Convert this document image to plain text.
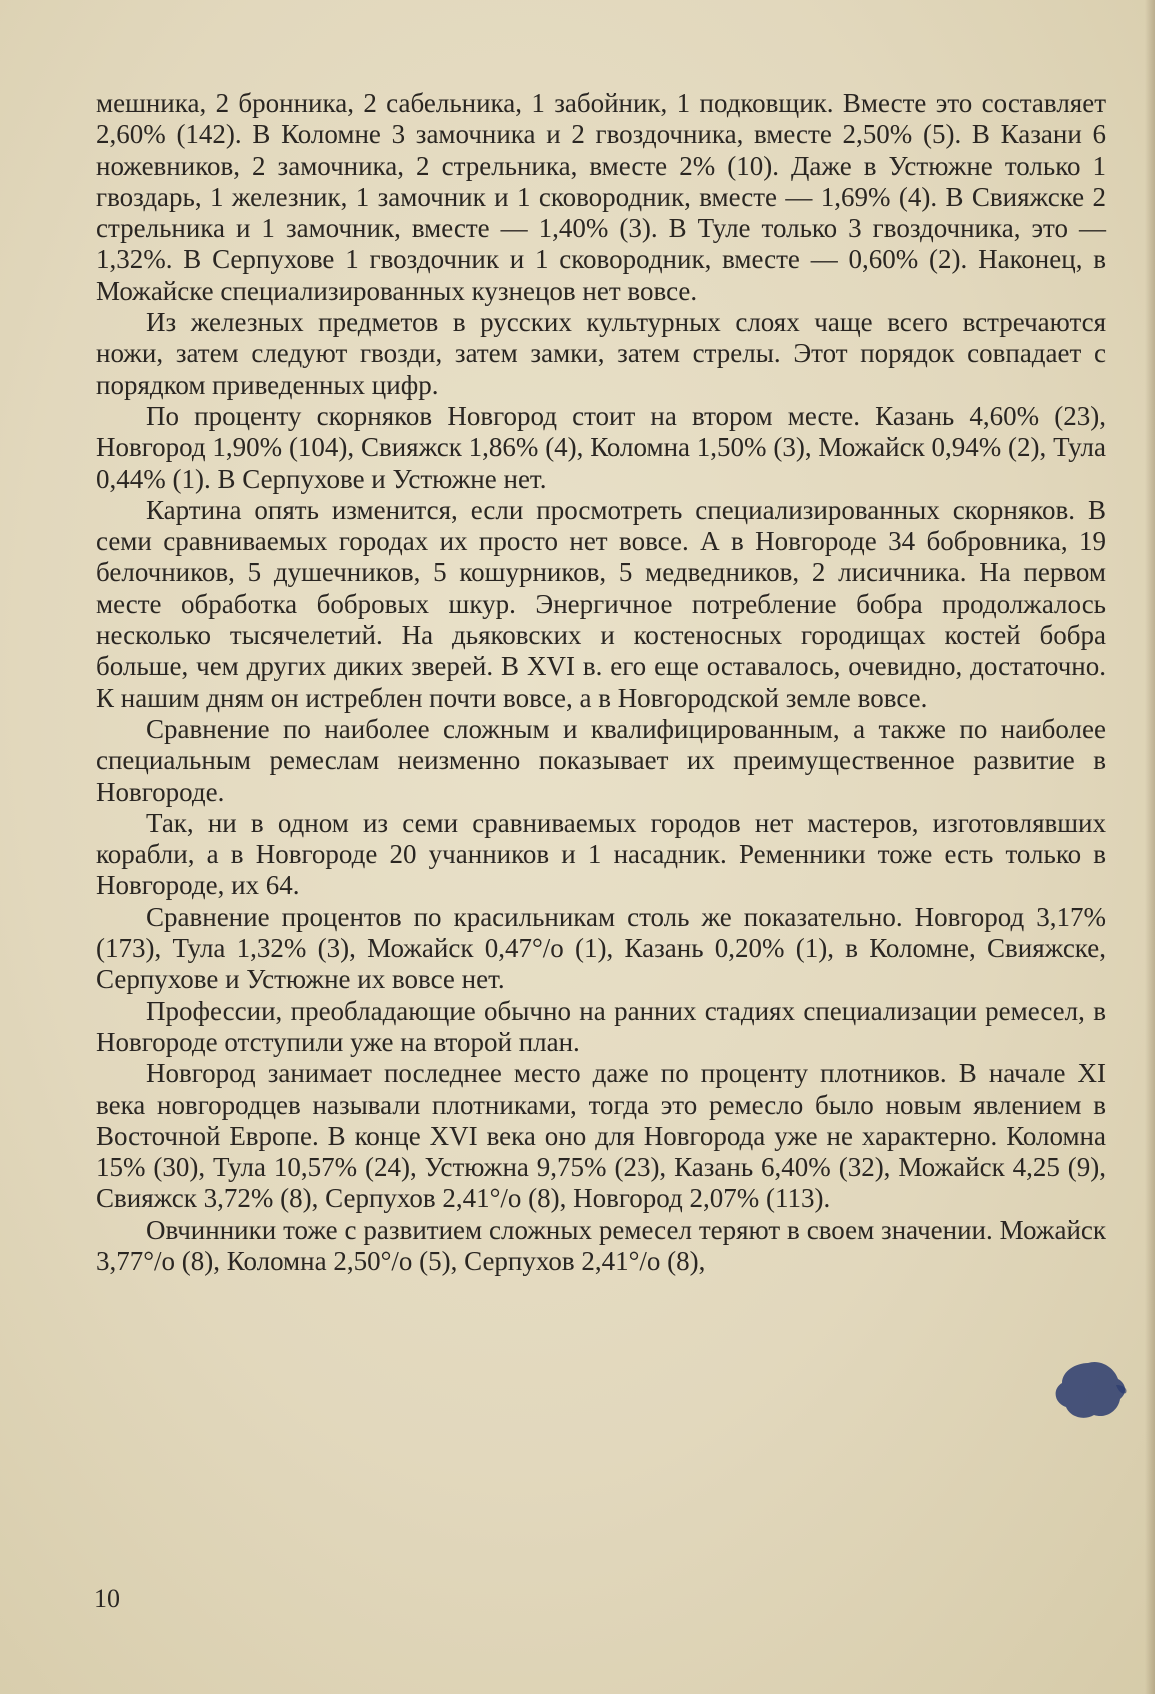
мешника, 2 бронника, 2 сабельника, 1 забойник, 1 подковщик. Вместе это составляет 2,60% (142). В Коломне 3 замочника и 2 гвоздочника, вместе 2,50% (5). В Казани 6 ножевников, 2 замочника, 2 стрельника, вместе 2% (10). Даже в Устюжне только 1 гвоздарь, 1 железник, 1 замочник и 1 сковородник, вместе — 1,69% (4). В Свияжске 2 стрельника и 1 замочник, вместе — 1,40% (3). В Туле только 3 гвоздочника, это — 1,32%. В Серпухове 1 гвоздочник и 1 сковородник, вместе — 0,60% (2). Наконец, в Можайске специализированных кузнецов нет вовсе.

Из железных предметов в русских культурных слоях чаще всего встречаются ножи, затем следуют гвозди, затем замки, затем стрелы. Этот порядок совпадает с порядком приведенных цифр.

По проценту скорняков Новгород стоит на втором месте. Казань 4,60% (23), Новгород 1,90% (104), Свияжск 1,86% (4), Коломна 1,50% (3), Можайск 0,94% (2), Тула 0,44% (1). В Серпухове и Устюжне нет.

Картина опять изменится, если просмотреть специализированных скорняков. В семи сравниваемых городах их просто нет вовсе. А в Новгороде 34 бобровника, 19 белочников, 5 душечников, 5 кошурников, 5 медведников, 2 лисичника. На первом месте обработка бобровых шкур. Энергичное потребление бобра продолжалось несколько тысячелетий. На дьяковских и костеносных городищах костей бобра больше, чем других диких зверей. В XVI в. его еще оставалось, очевидно, достаточно. К нашим дням он истреблен почти вовсе, а в Новгородской земле вовсе.

Сравнение по наиболее сложным и квалифицированным, а также по наиболее специальным ремеслам неизменно показывает их преимущественное развитие в Новгороде.

Так, ни в одном из семи сравниваемых городов нет мастеров, изготовлявших корабли, а в Новгороде 20 учанников и 1 насадник. Ременники тоже есть только в Новгороде, их 64.

Сравнение процентов по красильникам столь же показательно. Новгород 3,17% (173), Тула 1,32% (3), Можайск 0,47°/о (1), Казань 0,20% (1), в Коломне, Свияжске, Серпухове и Устюжне их вовсе нет.

Профессии, преобладающие обычно на ранних стадиях специализации ремесел, в Новгороде отступили уже на второй план.

Новгород занимает последнее место даже по проценту плотников. В начале XI века новгородцев называли плотниками, тогда это ремесло было новым явлением в Восточной Европе. В конце XVI века оно для Новгорода уже не характерно. Коломна 15% (30), Тула 10,57% (24), Устюжна 9,75% (23), Казань 6,40% (32), Можайск 4,25 (9), Свияжск 3,72% (8), Серпухов 2,41°/о (8), Новгород 2,07% (113).

Овчинники тоже с развитием сложных ремесел теряют в своем значении. Можайск 3,77°/о (8), Коломна 2,50°/о (5), Серпухов 2,41°/о (8),

10
